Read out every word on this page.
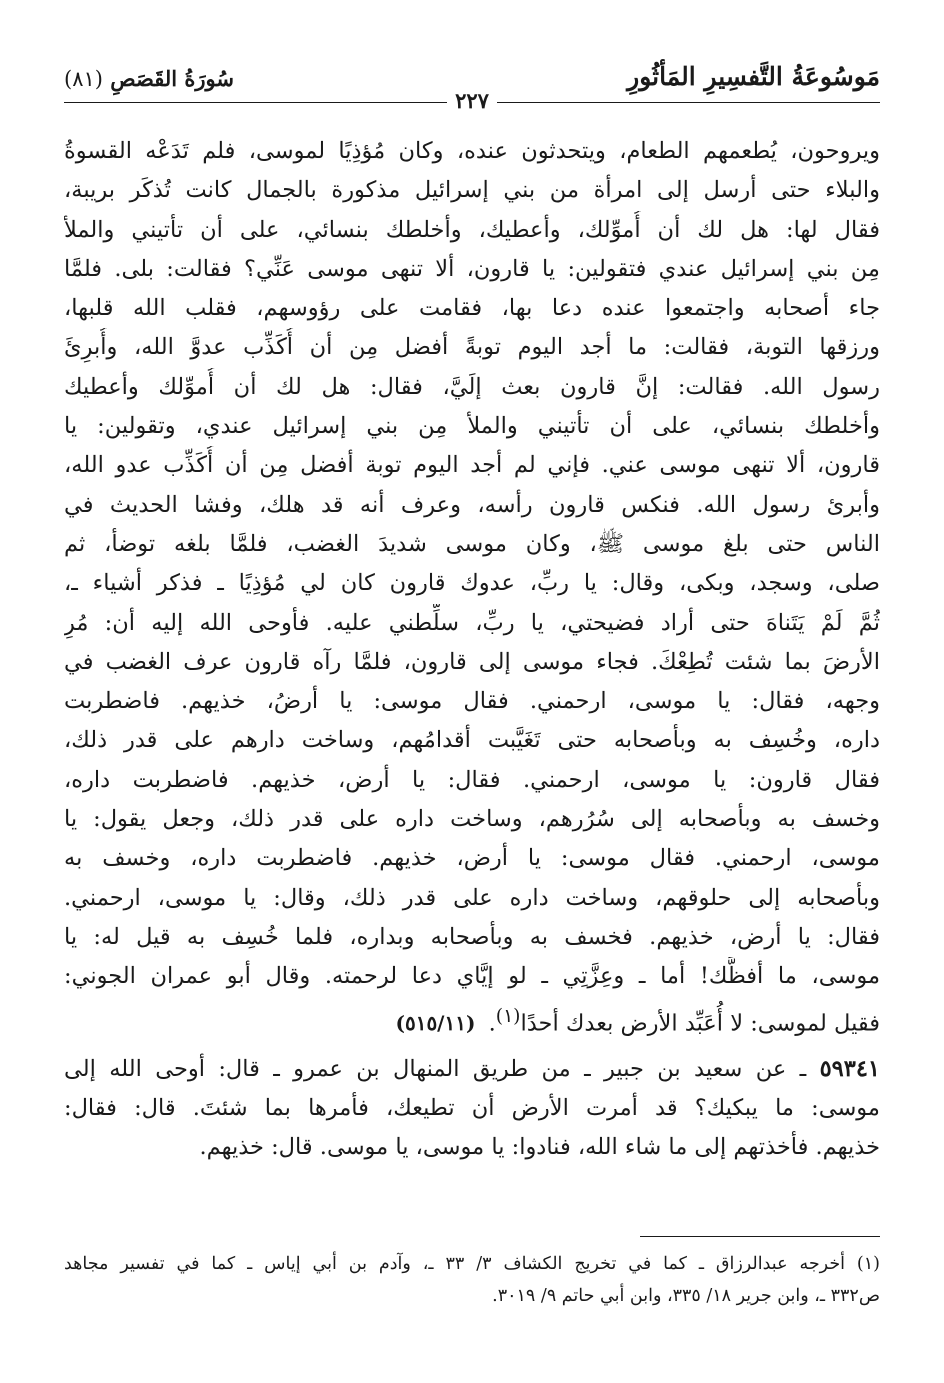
مَوسُوعَةُ التَّفسِيرِ المَأثُورِ
سُورَةُ القَصَصِ (٨١)
٢٢٧
ويروحون، يُطعمهم الطعام، ويتحدثون عنده، وكان مُؤذِيًا لموسى، فلم تَدَعْه القسوةُ
والبلاء حتى أرسل إلى امرأة من بني إسرائيل مذكورة بالجمال كانت تُذكَر بريبة،
فقال لها: هل لك أن أُموِّلك، وأعطيك، وأخلطك بنسائي، على أن تأتيني والملأ
مِن بني إسرائيل عندي فتقولين: يا قارون، ألا تنهى موسى عَنِّي؟ فقالت: بلى. فلمَّا
جاء أصحابه واجتمعوا عنده دعا بها، فقامت على رؤوسهم، فقلب الله قلبها،
ورزقها التوبة، فقالت: ما أجد اليوم توبةً أفضل مِن أن أُكَذِّب عدوَّ الله، وأُبرِئَ
رسول الله. فقالت: إنَّ قارون بعث إلَيَّ، فقال: هل لك أن أُموِّلك وأعطيك
وأخلطك بنسائي، على أن تأتيني والملأ مِن بني إسرائيل عندي، وتقولين: يا
قارون، ألا تنهى موسى عني. فإني لم أجد اليوم توبة أفضل مِن أن أُكَذِّب عدو الله،
وأبرئ رسول الله. فنكس قارون رأسه، وعرف أنه قد هلك، وفشا الحديث في
الناس حتى بلغ موسى ﷺ، وكان موسى شديدَ الغضب، فلمَّا بلغه توضأ، ثم
صلى، وسجد، وبكى، وقال: يا ربِّ، عدوك قارون كان لي مُؤذِيًا ـ فذكر أشياء ـ،
ثُمَّ لَمْ يَتَناهَ حتى أراد فضيحتي، يا ربِّ، سلِّطني عليه. فأوحى الله إليه أن: مُرِ
الأرضَ بما شئت تُطِعْكَ. فجاء موسى إلى قارون، فلمَّا رآه قارون عرف الغضب في
وجهه، فقال: يا موسى، ارحمني. فقال موسى: يا أرضُ، خذيهم. فاضطربت
داره، وخُسِف به وبأصحابه حتى تَغَيَّبت أقدامُهم، وساخت دارهم على قدر ذلك،
فقال قارون: يا موسى، ارحمني. فقال: يا أرض، خذيهم. فاضطربت داره،
وخسف به وبأصحابه إلى سُرُرهم، وساخت داره على قدر ذلك، وجعل يقول: يا
موسى، ارحمني. فقال موسى: يا أرض، خذيهم. فاضطربت داره، وخسف به
وبأصحابه إلى حلوقهم، وساخت داره على قدر ذلك، وقال: يا موسى، ارحمني.
فقال: يا أرض، خذيهم. فخسف به وبأصحابه وبداره، فلما خُسِف به قيل له: يا
موسى، ما أفظَّك! أما ـ وعِزَّتِي ـ لو إيَّاي دعا لرحمته. وقال أبو عمران الجوني:
فقيل لموسى: لا أُعَبِّد الأرض بعدك أحدًا$^{(١)}$. (٥١٥/١١)
٥٩٣٤١ ـ عن سعيد بن جبير ـ من طريق المنهال بن عمرو ـ قال: أوحى الله إلى
موسى: ما يبكيك؟ قد أمرت الأرض أن تطيعك، فأمرها بما شئتَ. قال: فقال:
خذيهم. فأخذتهم إلى ما شاء الله، فنادوا: يا موسى، يا موسى. قال: خذيهم.
(١) أخرجه عبدالرزاق ـ كما في تخريج الكشاف ٣/ ٣٣ ـ، وآدم بن أبي إياس ـ كما في تفسير مجاهد
ص٣٣٢ ـ، وابن جرير ١٨/ ٣٣٥، وابن أبي حاتم ٩/ ٣٠١٩.
